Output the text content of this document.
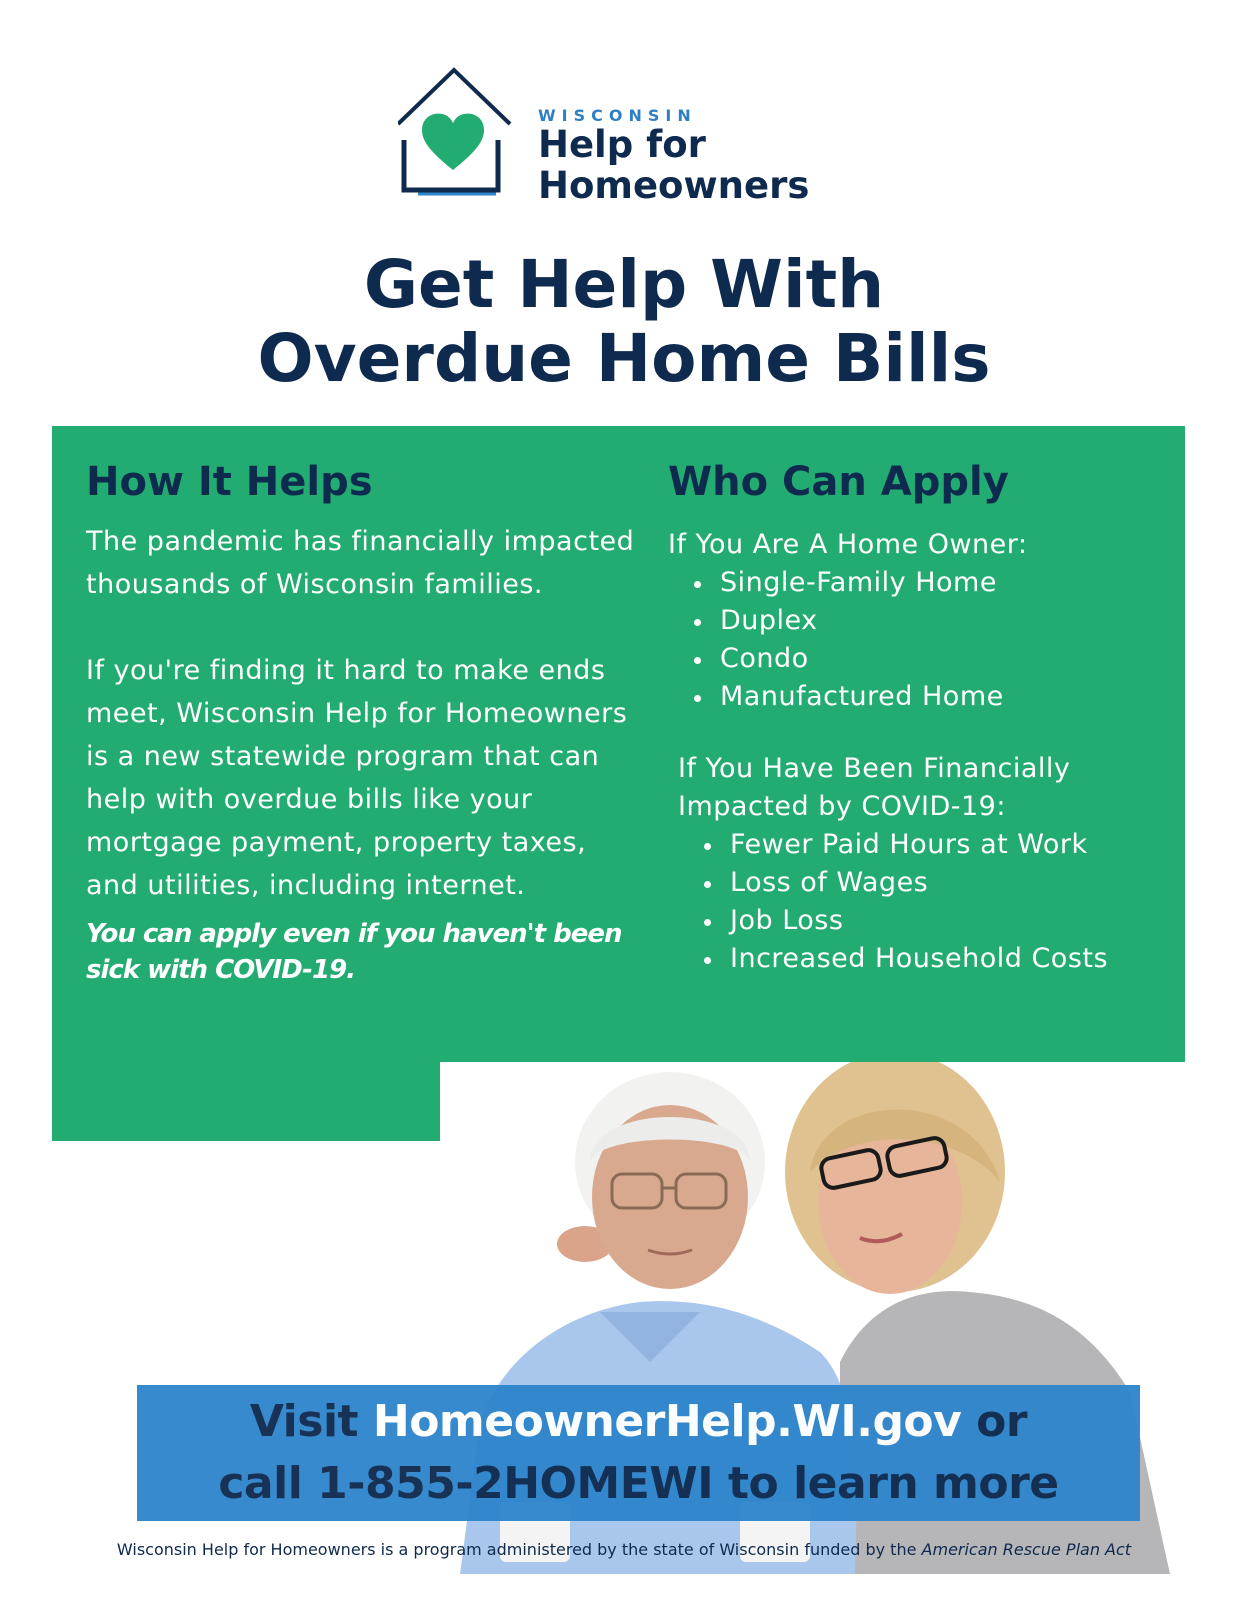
WISCONSIN
Help for
Homeowners
Get Help With
Overdue Home Bills
How It Helps

The pandemic has financially impacted thousands of Wisconsin families.

If you're finding it hard to make ends meet, Wisconsin Help for Homeowners is a new statewide program that can help with overdue bills like your mortgage payment, property taxes, and utilities, including internet.

You can apply even if you haven't been sick with COVID-19.

Who Can Apply

If You Are A Home Owner:

Single-Family Home
Duplex
Condo
Manufactured Home

If You Have Been Financially Impacted by COVID-19:

Fewer Paid Hours at Work
Loss of Wages
Job Loss
Increased Household Costs
Visit HomeownerHelp.WI.gov or
call 1-855-2HOMEWI to learn more
Wisconsin Help for Homeowners is a program administered by the state of Wisconsin funded by the American Rescue Plan Act
